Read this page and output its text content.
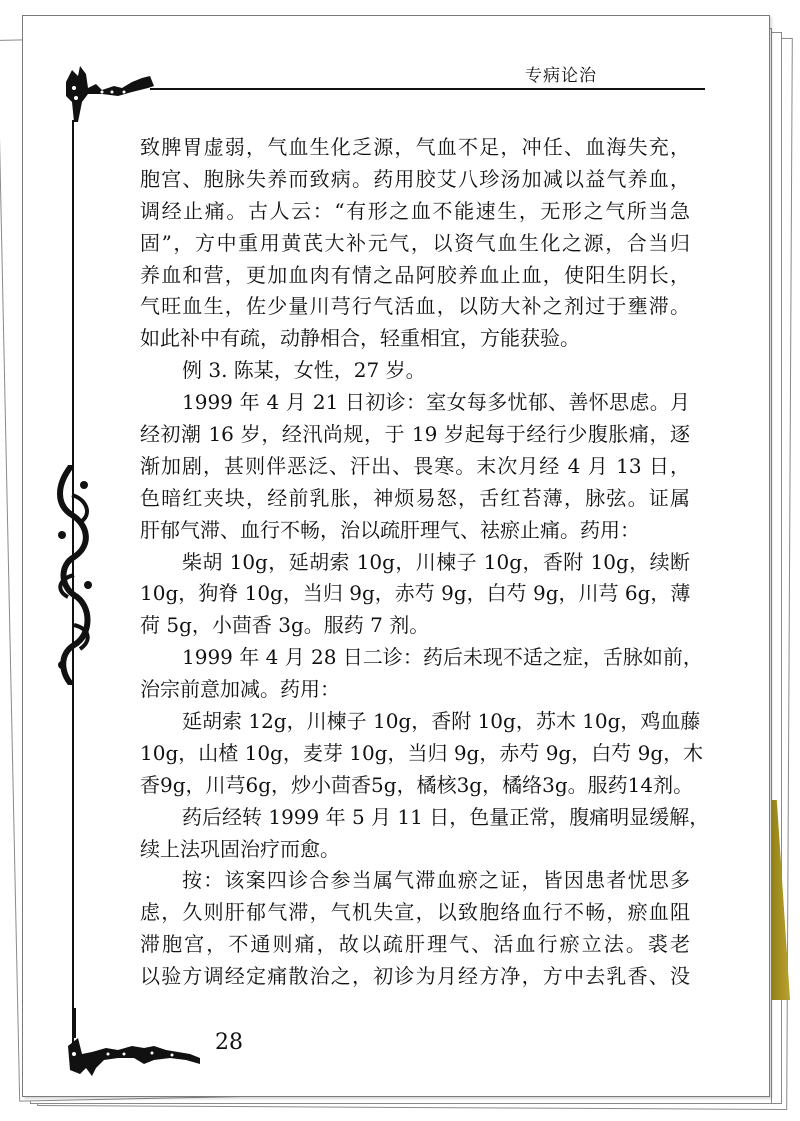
专病论治
致脾胃虚弱，气血生化乏源，气血不足，冲任、血海失充，
胞宫、胞脉失养而致病。药用胶艾八珍汤加减以益气养血，
调经止痛。古人云：“有形之血不能速生，无形之气所当急
固”，方中重用黄芪大补元气，以资气血生化之源，合当归
养血和营，更加血肉有情之品阿胶养血止血，使阳生阴长，
气旺血生，佐少量川芎行气活血，以防大补之剂过于壅滞。
如此补中有疏，动静相合，轻重相宜，方能获验。
例 3. 陈某，女性，27 岁。
1999 年 4 月 21 日初诊：室女每多忧郁、善怀思虑。月
经初潮 16 岁，经汛尚规，于 19 岁起每于经行少腹胀痛，逐
渐加剧，甚则伴恶泛、汗出、畏寒。末次月经 4 月 13 日，
色暗红夹块，经前乳胀，神烦易怒，舌红苔薄，脉弦。证属
肝郁气滞、血行不畅，治以疏肝理气、祛瘀止痛。药用：
柴胡 10g，延胡索 10g，川楝子 10g，香附 10g，续断
10g，狗脊 10g，当归 9g，赤芍 9g，白芍 9g，川芎 6g，薄
荷 5g，小茴香 3g。服药 7 剂。
1999 年 4 月 28 日二诊：药后未现不适之症，舌脉如前，
治宗前意加减。药用：
延胡索 12g，川楝子 10g，香附 10g，苏木 10g，鸡血藤
10g，山楂 10g，麦芽 10g，当归 9g，赤芍 9g，白芍 9g，木
香9g，川芎6g，炒小茴香5g，橘核3g，橘络3g。服药14剂。
药后经转 1999 年 5 月 11 日，色量正常，腹痛明显缓解，
续上法巩固治疗而愈。
按：该案四诊合参当属气滞血瘀之证，皆因患者忧思多
虑，久则肝郁气滞，气机失宣，以致胞络血行不畅，瘀血阻
滞胞宫，不通则痛，故以疏肝理气、活血行瘀立法。裘老
以验方调经定痛散治之，初诊为月经方净，方中去乳香、没
28
